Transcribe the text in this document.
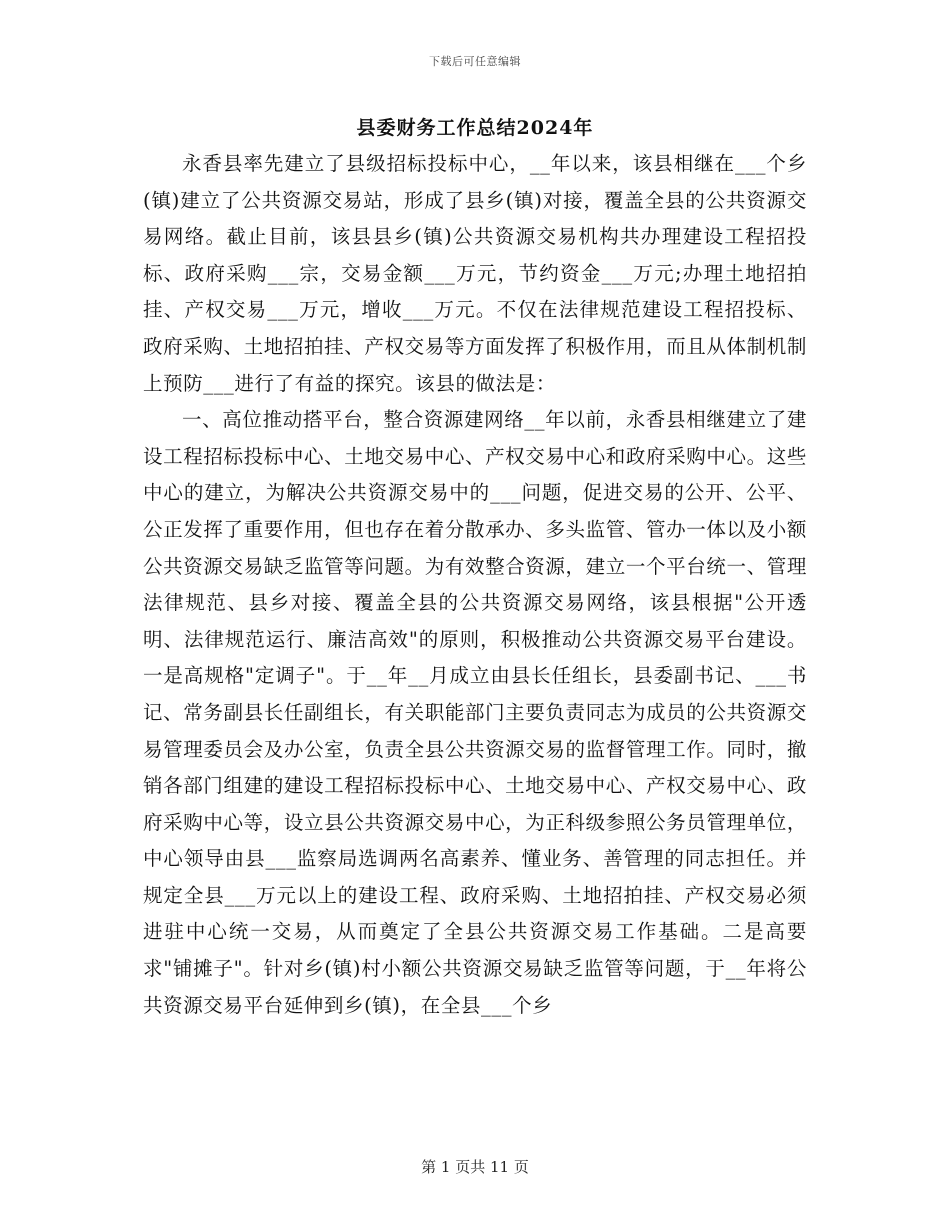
下载后可任意编辑
县委财务工作总结2024年

永香县率先建立了县级招标投标中心，__年以来，该县相继在___个乡(镇)建立了公共资源交易站，形成了县乡(镇)对接，覆盖全县的公共资源交易网络。截止目前，该县县乡(镇)公共资源交易机构共办理建设工程招投标、政府采购___宗，交易金额___万元，节约资金___万元;办理土地招拍挂、产权交易___万元，增收___万元。不仅在法律规范建设工程招投标、政府采购、土地招拍挂、产权交易等方面发挥了积极作用，而且从体制机制上预防___进行了有益的探究。该县的做法是：

一、高位推动搭平台，整合资源建网络__年以前，永香县相继建立了建设工程招标投标中心、土地交易中心、产权交易中心和政府采购中心。这些中心的建立，为解决公共资源交易中的___问题，促进交易的公开、公平、公正发挥了重要作用，但也存在着分散承办、多头监管、管办一体以及小额公共资源交易缺乏监管等问题。为有效整合资源，建立一个平台统一、管理法律规范、县乡对接、覆盖全县的公共资源交易网络，该县根据"公开透明、法律规范运行、廉洁高效"的原则，积极推动公共资源交易平台建设。一是高规格"定调子"。于__年__月成立由县长任组长，县委副书记、___书记、常务副县长任副组长，有关职能部门主要负责同志为成员的公共资源交易管理委员会及办公室，负责全县公共资源交易的监督管理工作。同时，撤销各部门组建的建设工程招标投标中心、土地交易中心、产权交易中心、政府采购中心等，设立县公共资源交易中心，为正科级参照公务员管理单位，中心领导由县___监察局选调两名高素养、懂业务、善管理的同志担任。并规定全县___万元以上的建设工程、政府采购、土地招拍挂、产权交易必须进驻中心统一交易，从而奠定了全县公共资源交易工作基础。二是高要求"铺摊子"。针对乡(镇)村小额公共资源交易缺乏监管等问题，于__年将公共资源交易平台延伸到乡(镇)，在全县___个乡

第 1 页共 11 页
